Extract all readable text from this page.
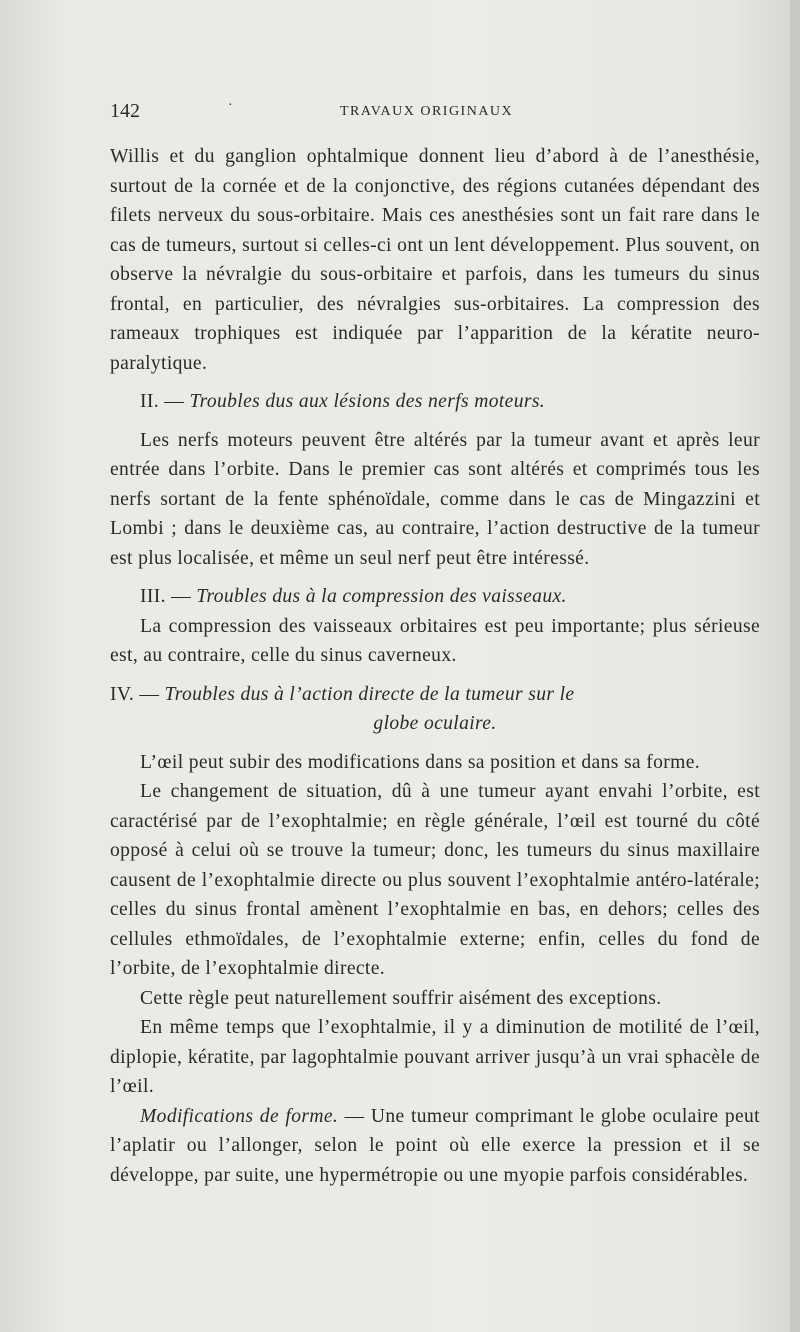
142	·	TRAVAUX ORIGINAUX

Willis et du ganglion ophtalmique donnent lieu d’abord à de l’anesthésie, surtout de la cornée et de la conjonctive, des régions cutanées dépendant des filets nerveux du sous-orbitaire. Mais ces anesthésies sont un fait rare dans le cas de tumeurs, surtout si celles-ci ont un lent développement. Plus souvent, on observe la névralgie du sous-orbitaire et parfois, dans les tumeurs du sinus frontal, en particulier, des névralgies sus-orbitaires. La compression des rameaux trophiques est indiquée par l’apparition de la kératite neuro-paralytique.

II. — Troubles dus aux lésions des nerfs moteurs.

Les nerfs moteurs peuvent être altérés par la tumeur avant et après leur entrée dans l’orbite. Dans le premier cas sont altérés et comprimés tous les nerfs sortant de la fente sphénoïdale, comme dans le cas de Mingazzini et Lombi ; dans le deuxième cas, au contraire, l’action destructive de la tumeur est plus localisée, et même un seul nerf peut être intéressé.

III. — Troubles dus à la compression des vaisseaux.

La compression des vaisseaux orbitaires est peu importante; plus sérieuse est, au contraire, celle du sinus caverneux.

IV. — Troubles dus à l’action directe de la tumeur sur le

globe oculaire.

L’œil peut subir des modifications dans sa position et dans sa forme.

Le changement de situation, dû à une tumeur ayant envahi l’orbite, est caractérisé par de l’exophtalmie; en règle générale, l’œil est tourné du côté opposé à celui où se trouve la tumeur; donc, les tumeurs du sinus maxillaire causent de l’exophtalmie directe ou plus souvent l’exophtalmie antéro-latérale; celles du sinus frontal amènent l’exophtalmie en bas, en dehors; celles des cellules ethmoïdales, de l’exophtalmie externe; enfin, celles du fond de l’orbite, de l’exophtalmie directe.

Cette règle peut naturellement souffrir aisément des exceptions.

En même temps que l’exophtalmie, il y a diminution de motilité de l’œil, diplopie, kératite, par lagophtalmie pouvant arriver jusqu’à un vrai sphacèle de l’œil.

Modifications de forme. — Une tumeur comprimant le globe oculaire peut l’aplatir ou l’allonger, selon le point où elle exerce la pression et il se développe, par suite, une hypermétropie ou une myopie parfois considérables.
